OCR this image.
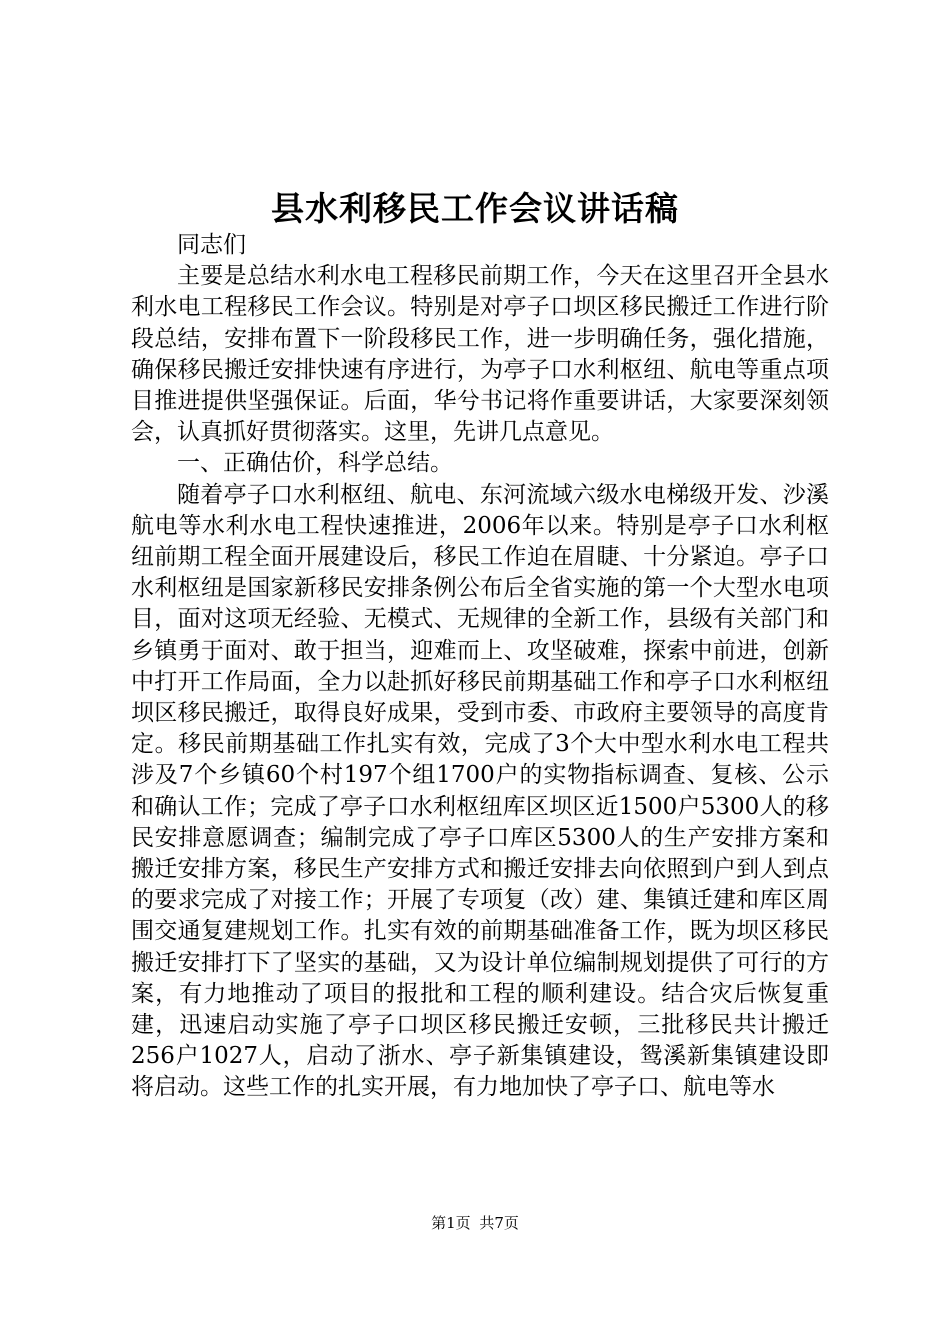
县水利移民工作会议讲话稿

同志们

主要是总结水利水电工程移民前期工作，今天在这里召开全县水利水电工程移民工作会议。特别是对亭子口坝区移民搬迁工作进行阶段总结，安排布置下一阶段移民工作，进一步明确任务，强化措施，确保移民搬迁安排快速有序进行，为亭子口水利枢纽、航电等重点项目推进提供坚强保证。后面，华兮书记将作重要讲话，大家要深刻领会，认真抓好贯彻落实。这里，先讲几点意见。

一、正确估价，科学总结。

随着亭子口水利枢纽、航电、东河流域六级水电梯级开发、沙溪航电等水利水电工程快速推进，2006年以来。特别是亭子口水利枢纽前期工程全面开展建设后，移民工作迫在眉睫、十分紧迫。亭子口水利枢纽是国家新移民安排条例公布后全省实施的第一个大型水电项目，面对这项无经验、无模式、无规律的全新工作，县级有关部门和乡镇勇于面对、敢于担当，迎难而上、攻坚破难，探索中前进，创新中打开工作局面，全力以赴抓好移民前期基础工作和亭子口水利枢纽坝区移民搬迁，取得良好成果，受到市委、市政府主要领导的高度肯定。移民前期基础工作扎实有效，完成了3个大中型水利水电工程共涉及7个乡镇60个村197个组1700户的实物指标调查、复核、公示和确认工作；完成了亭子口水利枢纽库区坝区近1500户5300人的移民安排意愿调查；编制完成了亭子口库区5300人的生产安排方案和搬迁安排方案，移民生产安排方式和搬迁安排去向依照到户到人到点的要求完成了对接工作；开展了专项复（改）建、集镇迁建和库区周围交通复建规划工作。扎实有效的前期基础准备工作，既为坝区移民搬迁安排打下了坚实的基础，又为设计单位编制规划提供了可行的方案，有力地推动了项目的报批和工程的顺利建设。结合灾后恢复重建，迅速启动实施了亭子口坝区移民搬迁安顿，三批移民共计搬迁256户1027人，启动了浙水、亭子新集镇建设，鸳溪新集镇建设即将启动。这些工作的扎实开展，有力地加快了亭子口、航电等水

第1页 共7页
